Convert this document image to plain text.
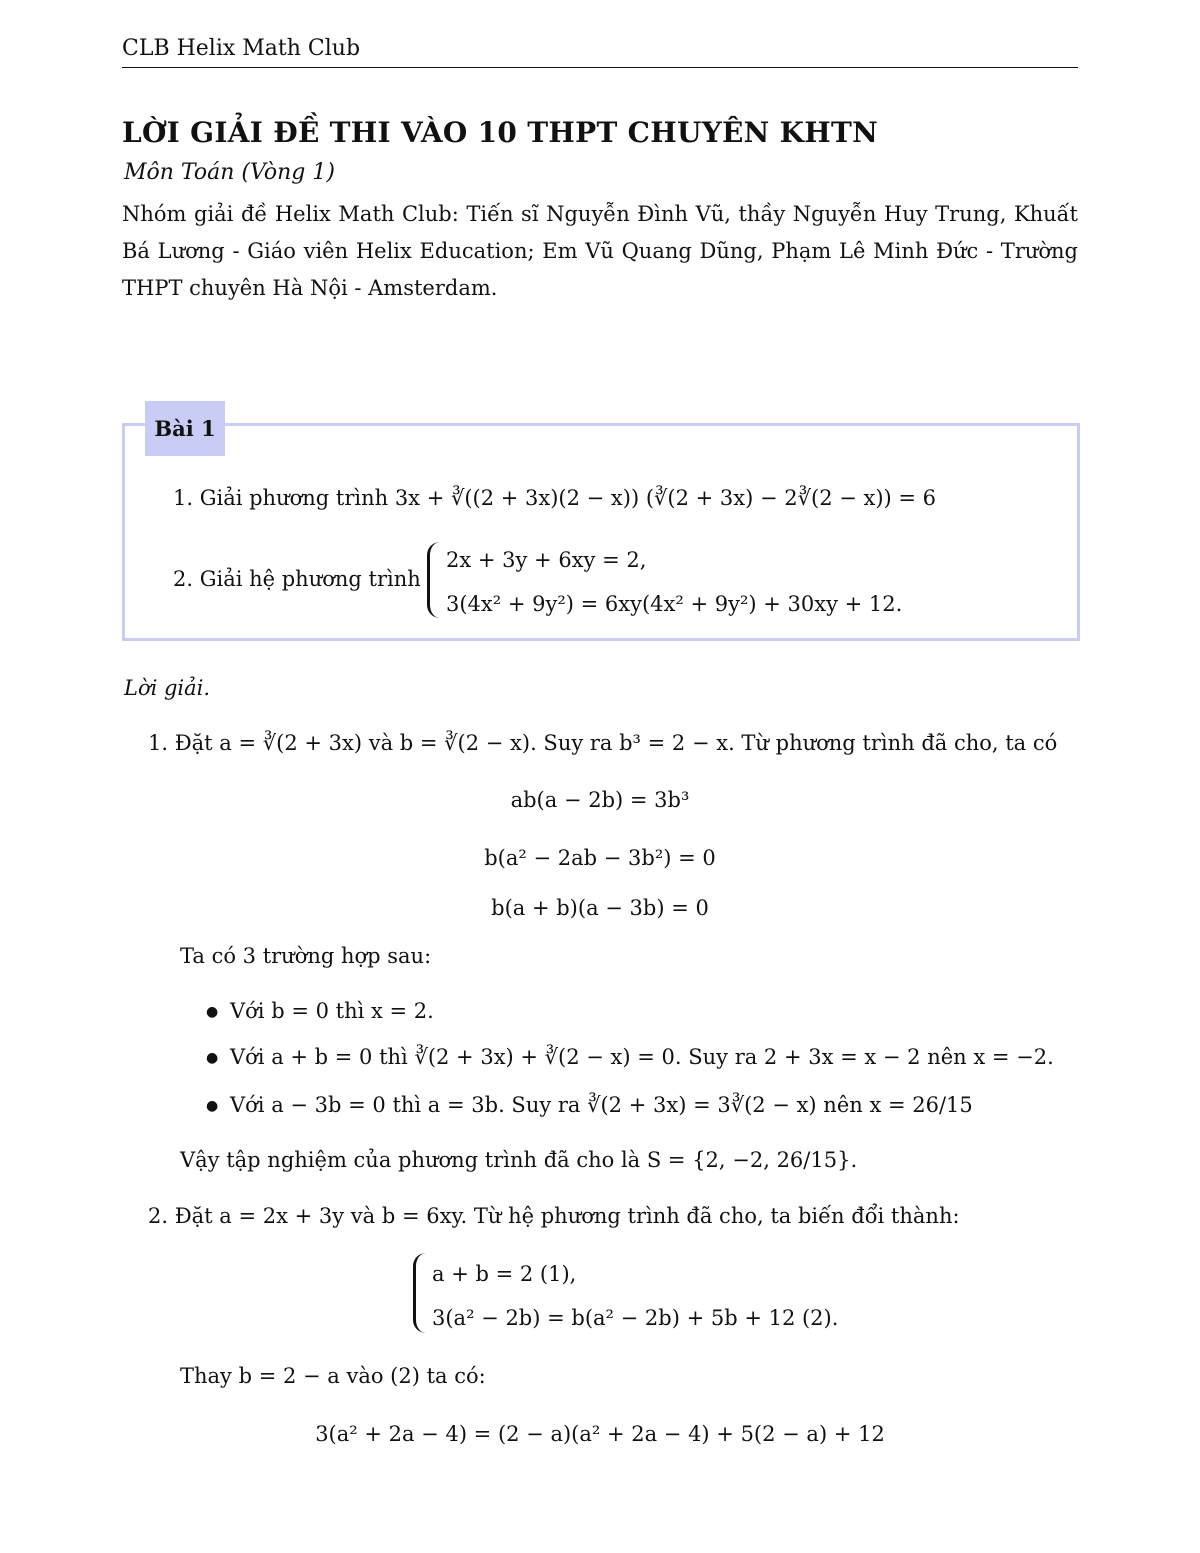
CLB Helix Math Club
LỜI GIẢI ĐỀ THI VÀO 10 THPT CHUYÊN KHTN
Môn Toán (Vòng 1)
Nhóm giải đề Helix Math Club: Tiến sĩ Nguyễn Đình Vũ, thầy Nguyễn Huy Trung, Khuất Bá Lương - Giáo viên Helix Education; Em Vũ Quang Dũng, Phạm Lê Minh Đức - Trường THPT chuyên Hà Nội - Amsterdam.
Bài 1
1. Giải phương trình 3x + ∛((2 + 3x)(2 − x)) (∛(2 + 3x) − 2∛(2 − x)) = 6
2. Giải hệ phương trình
2x + 3y + 6xy = 2,
3(4x² + 9y²) = 6xy(4x² + 9y²) + 30xy + 12.
Lời giải.
1. Đặt a = ∛(2 + 3x) và b = ∛(2 − x). Suy ra b³ = 2 − x. Từ phương trình đã cho, ta có
ab(a − 2b) = 3b³
b(a² − 2ab − 3b²) = 0
b(a + b)(a − 3b) = 0
Ta có 3 trường hợp sau:
● Với b = 0 thì x = 2.
● Với a + b = 0 thì ∛(2 + 3x) + ∛(2 − x) = 0. Suy ra 2 + 3x = x − 2 nên x = −2.
● Với a − 3b = 0 thì a = 3b. Suy ra ∛(2 + 3x) = 3∛(2 − x) nên x = 26/15
Vậy tập nghiệm của phương trình đã cho là S = {2, −2, 26/15}.
2. Đặt a = 2x + 3y và b = 6xy. Từ hệ phương trình đã cho, ta biến đổi thành:
a + b = 2 (1),
3(a² − 2b) = b(a² − 2b) + 5b + 12 (2).
Thay b = 2 − a vào (2) ta có:
3(a² + 2a − 4) = (2 − a)(a² + 2a − 4) + 5(2 − a) + 12
